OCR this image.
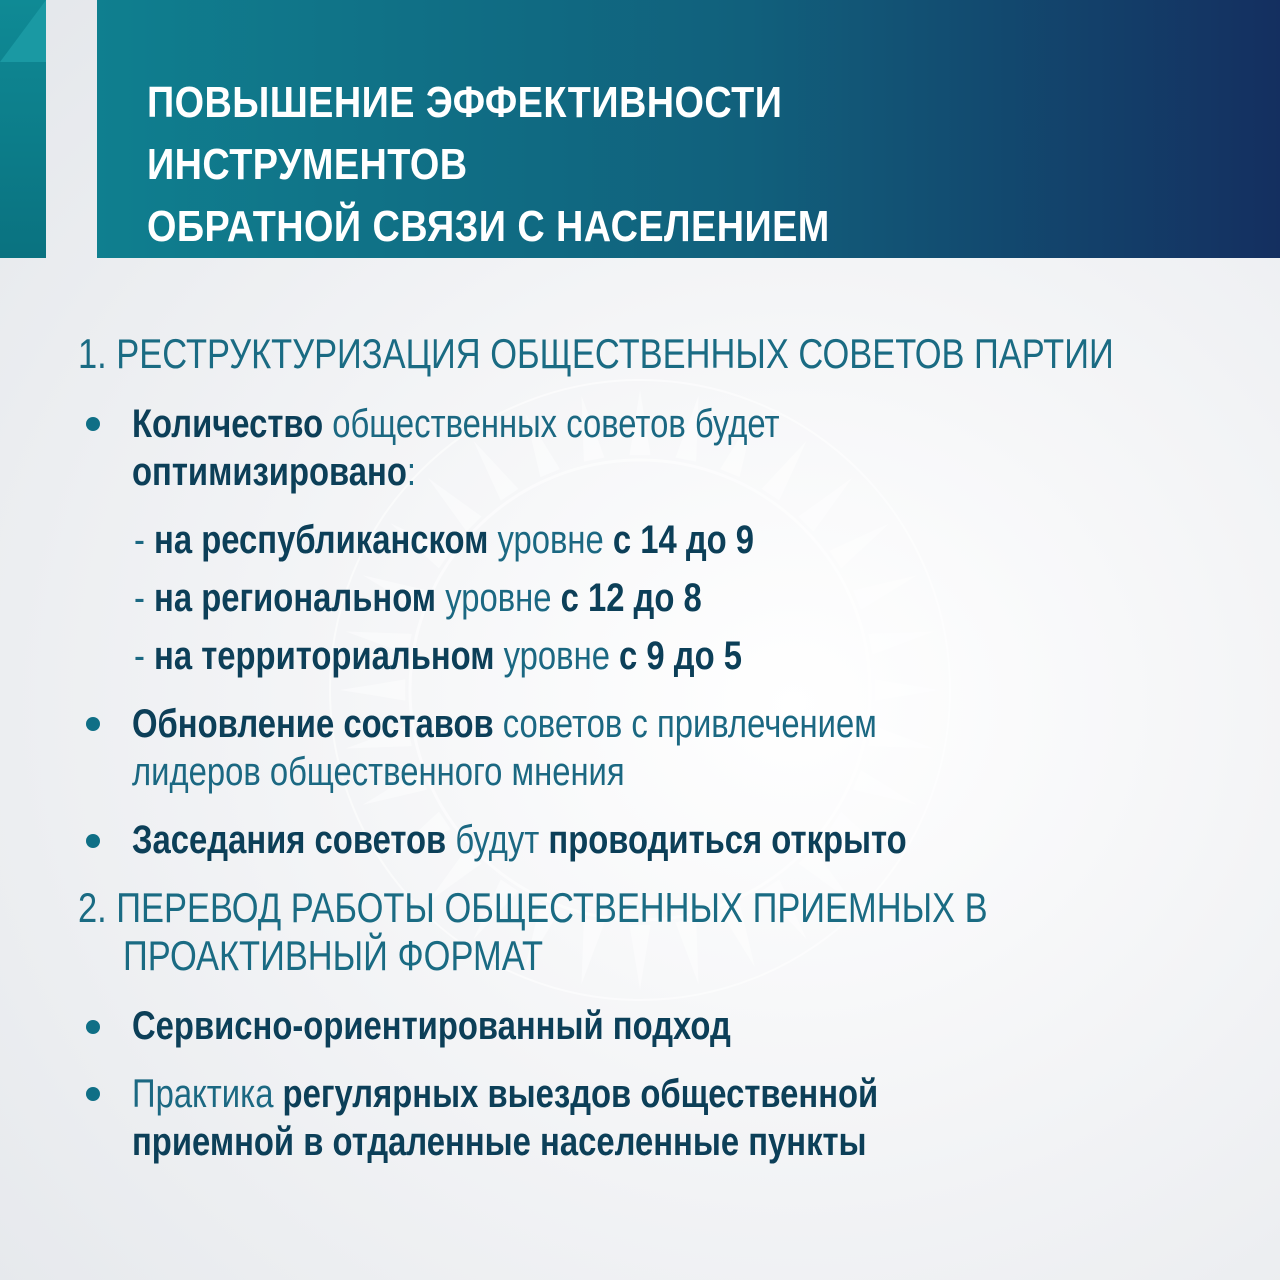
ПОВЫШЕНИЕ ЭФФЕКТИВНОСТИ ИНСТРУМЕНТОВ
ОБРАТНОЙ СВЯЗИ С НАСЕЛЕНИЕМ
1. РЕСТРУКТУРИЗАЦИЯ ОБЩЕСТВЕННЫХ СОВЕТОВ ПАРТИИ
Количество общественных советов будет
оптимизировано:
- на республиканском уровне с 14 до 9
- на региональном уровне с 12 до 8
- на территориальном уровне с 9 до 5
Обновление составов советов с привлечением
лидеров общественного мнения
Заседания советов будут проводиться открыто
2. ПЕРЕВОД РАБОТЫ ОБЩЕСТВЕННЫХ ПРИЕМНЫХ В
ПРОАКТИВНЫЙ ФОРМАТ
Сервисно-ориентированный подход
Практика регулярных выездов общественной
приемной в отдаленные населенные пункты
